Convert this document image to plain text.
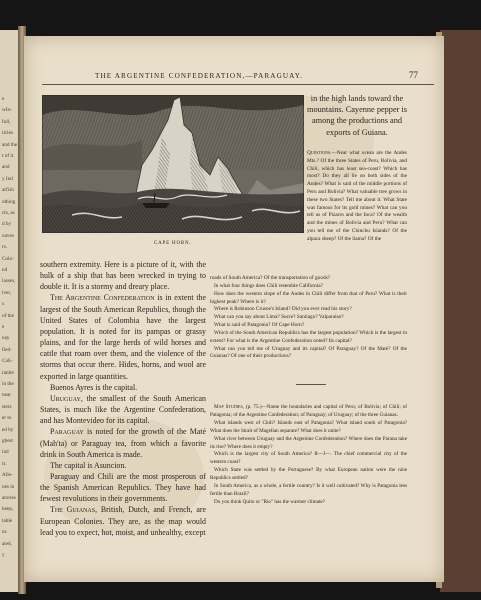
e
wIn-
full,
ticles
and the
t of it.
and
y Ind
arfish
othing
cts, as
d by
oaves
rs.
Colo-
nd
lasses,
lver,
s
of the
e
nay
fied-
Cali-
ranite
in the
neat
sters
er to
ed by
gbest
ind
rt.
Alle-
nes in
atories
heep,
table
ns
ated,
y
THE ARGENTINE CONFEDERATION,—PARAGUAY.	77
CAPE HORN.
in the high lands toward the mountains. Cayenne pepper is among the productions and exports of Guiana.

Questions.—Near what ocean are the Andes Mts.? Of the three States of Peru, Bolivia, and Chili, which has least sea-coast? Which has most? Do they all lie on both sides of the Andes? What is said of the middle portions of Peru and Bolivia? What valuable tree grows in these two States? Tell me about it. What State was famous for its gold mines? What can you tell us of Pizarro and the Inca? Of the wealth and the mines of Bolivia and Peru? What can you tell me of the Chinchu Islands? Of the alpaca sheep? Of the llama? Of the

southern extremity. Here is a picture of it, with the hulk of a ship that has been wrecked in trying to double it. It is a stormy and dreary place.

The Argentine Confederation is in extent the largest of the South American Republics, though the United States of Colombia have the largest population. It is noted for its pampas or grassy plains, and for the large herds of wild horses and cattle that roam over them, and the violence of the storms that occur there. Hides, horns, and wool are exported in large quantities.

Buenos Ayres is the capital.

Uruguay, the smallest of the South American States, is much like the Argentine Confederation, and has Montevideo for its capital.

Paraguay is noted for the growth of the Maté (Mah'ta) or Paraguay tea, from which a favorite drink in South America is made.

The capital is Asuncion.

Paraguay and Chili are the most prosperous of the Spanish American Republics. They have had fewest revolutions in their governments.

The Guianas, British, Dutch, and French, are European Colonies. They are, as the map would lead you to expect, hot, moist, and unhealthy, except

roads of South America? Of the transportation of goods?

In what four things does Chili resemble California?

How does the western slope of the Andes in Chili differ from that of Peru? What is their highest peak? Where is it?

Where is Robinson Crusoe's Island? Did you ever read his story?

What can you say about Lima? Sucre? Santiago? Valparaiso?

What is said of Patagonia? Of Cape Horn?

Which of the South American Republics has the largest population? Which is the largest in extent? For what is the Argentine Confederation noted? Its capital?

What can you tell me of Uruguay and its capital? Of Paraguay? Of the Maté? Of the Guianas? Of one of their productions?

Map Studies, (p. 75.)—Name the boundaries and capital of Peru; of Bolivia; of Chili; of Patagonia; of the Argentine Confederation; of Paraguay; of Uruguay; of the three Guianas.

What islands west of Chili? Islands east of Patagonia? What island south of Patagonia? What does the Strait of Magellan separate? What does it unite?

What river between Uruguay and the Argentine Confederation? Where does the Parana take its rise? Where does it empty?

Which is the largest city of South America? R—J—. The chief commercial city of the western coast?

Which State was settled by the Portuguese? By what European nation were the nine Republics settled?

In South America, as a whole, a fertile country? Is it well cultivated? Why is Patagonia less fertile than Brazil?

Do you think Quito or "Rio" has the warmer climate?
